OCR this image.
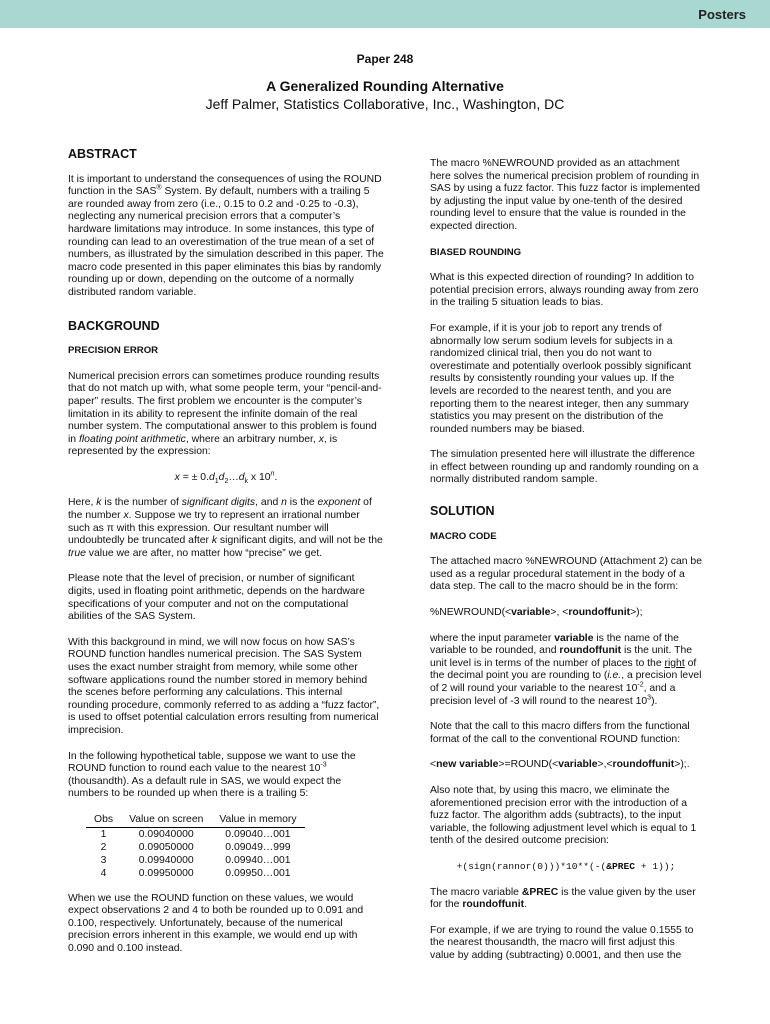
Posters
Paper 248
A Generalized Rounding Alternative
Jeff Palmer, Statistics Collaborative, Inc., Washington, DC
ABSTRACT

It is important to understand the consequences of using the ROUND function in the SAS® System. By default, numbers with a trailing 5 are rounded away from zero (i.e., 0.15 to 0.2 and -0.25 to -0.3), neglecting any numerical precision errors that a computer’s hardware limitations may introduce. In some instances, this type of rounding can lead to an overestimation of the true mean of a set of numbers, as illustrated by the simulation described in this paper. The macro code presented in this paper eliminates this bias by randomly rounding up or down, depending on the outcome of a normally distributed random variable.

BACKGROUND
PRECISION ERROR

Numerical precision errors can sometimes produce rounding results that do not match up with, what some people term, your “pencil-and-paper” results. The first problem we encounter is the computer’s limitation in its ability to represent the infinite domain of the real number system. The computational answer to this problem is found in floating point arithmetic, where an arbitrary number, x, is represented by the expression:

x = ± $0.d_1d_2\dots d_k$ x 10$^n$.

Here, k is the number of significant digits, and n is the exponent of the number x. Suppose we try to represent an irrational number such as π with this expression. Our resultant number will undoubtedly be truncated after k significant digits, and will not be the true value we are after, no matter how “precise” we get.

Please note that the level of precision, or number of significant digits, used in floating point arithmetic, depends on the hardware specifications of your computer and not on the computational abilities of the SAS System.

With this background in mind, we will now focus on how SAS’s ROUND function handles numerical precision. The SAS System uses the exact number straight from memory, while some other software applications round the number stored in memory behind the scenes before performing any calculations. This internal rounding procedure, commonly referred to as adding a “fuzz factor”, is used to offset potential calculation errors resulting from numerical imprecision.

In the following hypothetical table, suppose we want to use the ROUND function to round each value to the nearest $10^{-3}$ (thousandth). As a default rule in SAS, we would expect the numbers to be rounded up when there is a trailing 5:

Obs	Value on screen	Value in memory
1	0.09040000	0.09040…001
2	0.09050000	0.09049…999
3	0.09940000	0.09940…001
4	0.09950000	0.09950…001

When we use the ROUND function on these values, we would expect observations 2 and 4 to both be rounded up to 0.091 and 0.100, respectively. Unfortunately, because of the numerical precision errors inherent in this example, we would end up with 0.090 and 0.100 instead.

The macro %NEWROUND provided as an attachment here solves the numerical precision problem of rounding in SAS by using a fuzz factor. This fuzz factor is implemented by adjusting the input value by one-tenth of the desired rounding level to ensure that the value is rounded in the expected direction.

BIASED ROUNDING

What is this expected direction of rounding? In addition to potential precision errors, always rounding away from zero in the trailing 5 situation leads to bias.

For example, if it is your job to report any trends of abnormally low serum sodium levels for subjects in a randomized clinical trial, then you do not want to overestimate and potentially overlook possibly significant results by consistently rounding your values up. If the levels are recorded to the nearest tenth, and you are reporting them to the nearest integer, then any summary statistics you may present on the distribution of the rounded numbers may be biased.

The simulation presented here will illustrate the difference in effect between rounding up and randomly rounding on a normally distributed random sample.

SOLUTION
MACRO CODE

The attached macro %NEWROUND (Attachment 2) can be used as a regular procedural statement in the body of a data step. The call to the macro should be in the form:

%NEWROUND(<variable>, <roundoffunit>);

where the input parameter variable is the name of the variable to be rounded, and roundoffunit is the unit. The unit level is in terms of the number of places to the right of the decimal point you are rounding to (i.e., a precision level of 2 will round your variable to the nearest $10^{-2}$, and a precision level of -3 will round to the nearest $10^3$).

Note that the call to this macro differs from the functional format of the call to the conventional ROUND function:

<new variable>=ROUND(<variable>,<roundoffunit>);.

Also note that, by using this macro, we eliminate the aforementioned precision error with the introduction of a fuzz factor. The algorithm adds (subtracts), to the input variable, the following adjustment level which is equal to 1 tenth of the desired outcome precision:

+(sign(rannor(0)))*10**(-(&PREC + 1));

The macro variable &PREC is the value given by the user for the roundoffunit.

For example, if we are trying to round the value 0.1555 to the nearest thousandth, the macro will first adjust this value by adding (subtracting) 0.0001, and then use the
